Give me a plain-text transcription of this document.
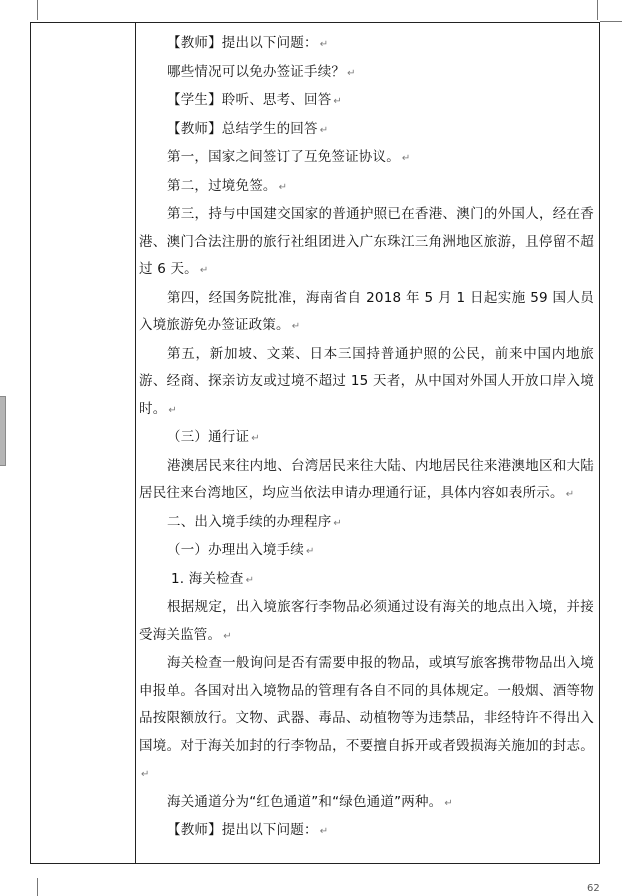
【教师】提出以下问题： ↵

哪些情况可以免办签证手续？ ↵

【学生】聆听、思考、回答 ↵

【教师】总结学生的回答 ↵

第一，国家之间签订了互免签证协议。 ↵

第二，过境免签。 ↵

第三，持与中国建交国家的普通护照已在香港、澳门的外国人，经在香港、澳门合法注册的旅行社组团进入广东珠江三角洲地区旅游，且停留不超过 6 天。 ↵

第四，经国务院批准，海南省自 2018 年 5 月 1 日起实施 59 国人员入境旅游免办签证政策。 ↵

第五，新加坡、文莱、日本三国持普通护照的公民，前来中国内地旅游、经商、探亲访友或过境不超过 15 天者，从中国对外国人开放口岸入境时。 ↵

（三）通行证 ↵

港澳居民来往内地、台湾居民来往大陆、内地居民往来港澳地区和大陆居民往来台湾地区，均应当依法申请办理通行证，具体内容如表所示。 ↵

二、出入境手续的办理程序 ↵

（一）办理出入境手续 ↵

1. 海关检查 ↵

根据规定，出入境旅客行李物品必须通过设有海关的地点出入境，并接受海关监管。 ↵

海关检查一般询问是否有需要申报的物品，或填写旅客携带物品出入境申报单。各国对出入境物品的管理有各自不同的具体规定。一般烟、酒等物品按限额放行。文物、武器、毒品、动植物等为违禁品，非经特许不得出入国境。对于海关加封的行李物品，不要擅自拆开或者毁损海关施加的封志。↵

海关通道分为“红色通道”和“绿色通道”两种。 ↵

【教师】提出以下问题： ↵

62
